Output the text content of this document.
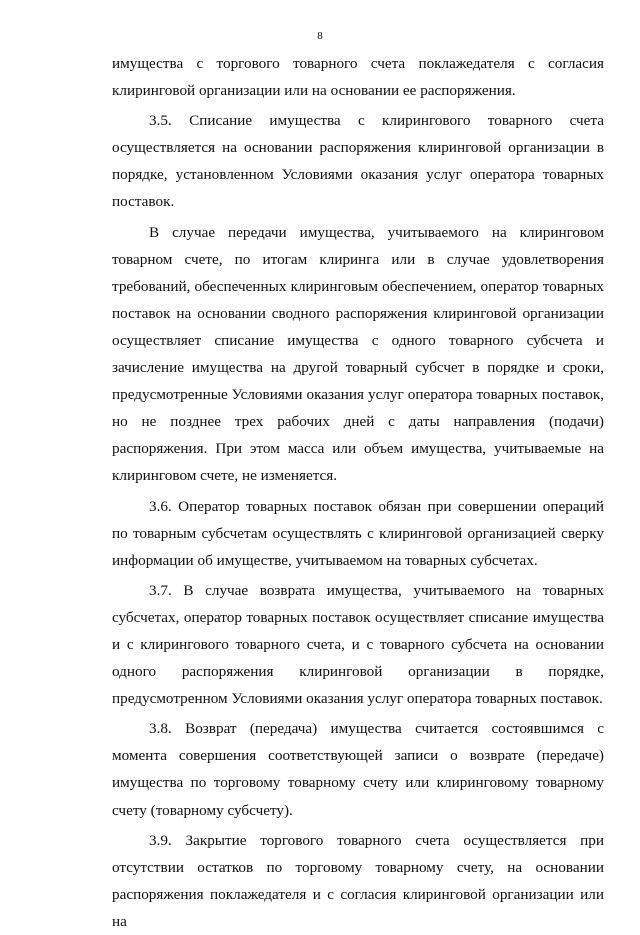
8

имущества с торгового товарного счета поклажедателя с согласия клиринговой организации или на основании ее распоряжения.

3.5. Списание имущества с клирингового товарного счета осуществляется на основании распоряжения клиринговой организации в порядке, установленном Условиями оказания услуг оператора товарных поставок.

В случае передачи имущества, учитываемого на клиринговом товарном счете, по итогам клиринга или в случае удовлетворения требований, обеспеченных клиринговым обеспечением, оператор товарных поставок на основании сводного распоряжения клиринговой организации осуществляет списание имущества с одного товарного субсчета и зачисление имущества на другой товарный субсчет в порядке и сроки, предусмотренные Условиями оказания услуг оператора товарных поставок, но не позднее трех рабочих дней с даты направления (подачи) распоряжения. При этом масса или объем имущества, учитываемые на клиринговом счете, не изменяется.

3.6. Оператор товарных поставок обязан при совершении операций по товарным субсчетам осуществлять с клиринговой организацией сверку информации об имуществе, учитываемом на товарных субсчетах.

3.7. В случае возврата имущества, учитываемого на товарных субсчетах, оператор товарных поставок осуществляет списание имущества и с клирингового товарного счета, и с товарного субсчета на основании одного распоряжения клиринговой организации в порядке, предусмотренном Условиями оказания услуг оператора товарных поставок.

3.8. Возврат (передача) имущества считается состоявшимся с момента совершения соответствующей записи о возврате (передаче) имущества по торговому товарному счету или клиринговому товарному счету (товарному субсчету).

3.9. Закрытие торгового товарного счета осуществляется при отсутствии остатков по торговому товарному счету, на основании распоряжения поклажедателя и с согласия клиринговой организации или на
